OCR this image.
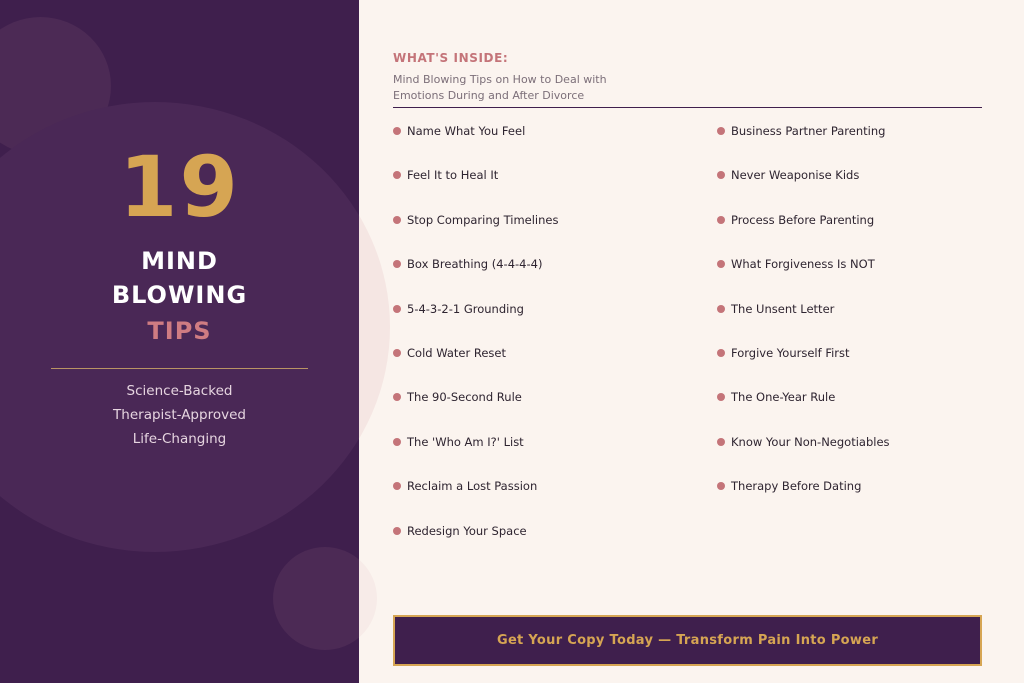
19
MIND
BLOWING
TIPS
Science-Backed
Therapist-Approved
Life-Changing
WHAT'S INSIDE:
Mind Blowing Tips on How to Deal with Emotions During and After Divorce
Name What You Feel
Feel It to Heal It
Stop Comparing Timelines
Box Breathing (4-4-4-4)
5-4-3-2-1 Grounding
Cold Water Reset
The 90-Second Rule
The 'Who Am I?' List
Reclaim a Lost Passion
Redesign Your Space
Business Partner Parenting
Never Weaponise Kids
Process Before Parenting
What Forgiveness Is NOT
The Unsent Letter
Forgive Yourself First
The One-Year Rule
Know Your Non-Negotiables
Therapy Before Dating
Get Your Copy Today — Transform Pain Into Power
